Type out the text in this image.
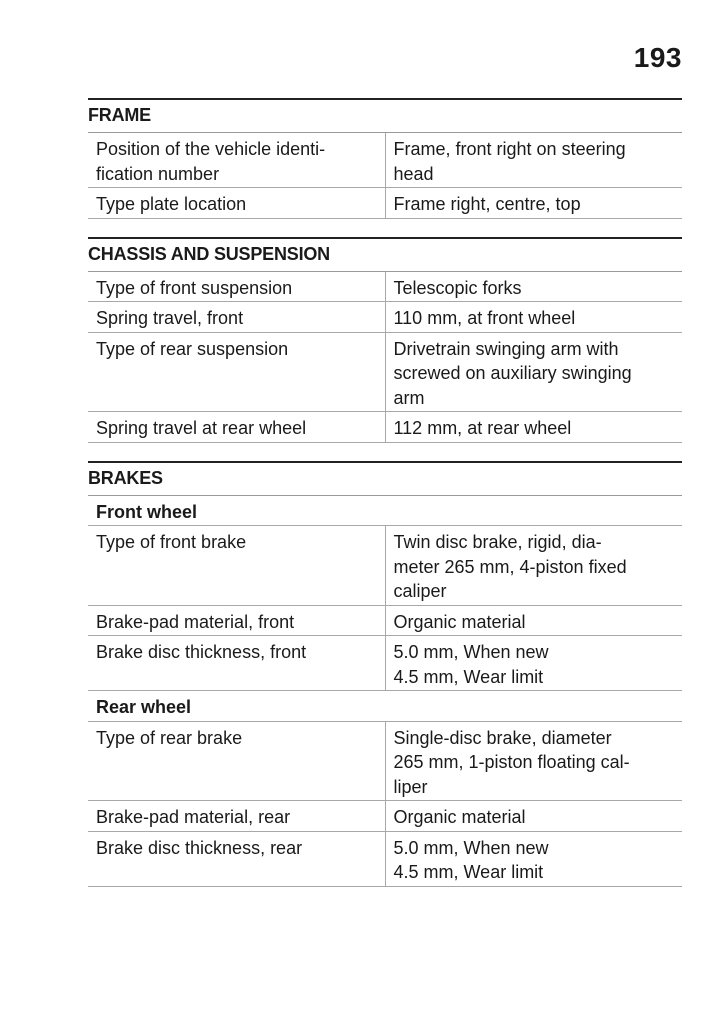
193
FRAME
Position of the vehicle identi-
fication number	Frame, front right on steering
head
Type plate location	Frame right, centre, top
CHASSIS AND SUSPENSION
Type of front suspension	Telescopic forks
Spring travel, front	110 mm, at front wheel
Type of rear suspension	Drivetrain swinging arm with
screwed on auxiliary swinging
arm
Spring travel at rear wheel	112 mm, at rear wheel
BRAKES
Front wheel	
Type of front brake	Twin disc brake, rigid, dia-
meter 265 mm, 4-piston fixed
caliper
Brake-pad material, front	Organic material
Brake disc thickness, front	5.0 mm, When new
4.5 mm, Wear limit
Rear wheel	
Type of rear brake	Single-disc brake, diameter
265 mm, 1-piston floating cal-
liper
Brake-pad material, rear	Organic material
Brake disc thickness, rear	5.0 mm, When new
4.5 mm, Wear limit
